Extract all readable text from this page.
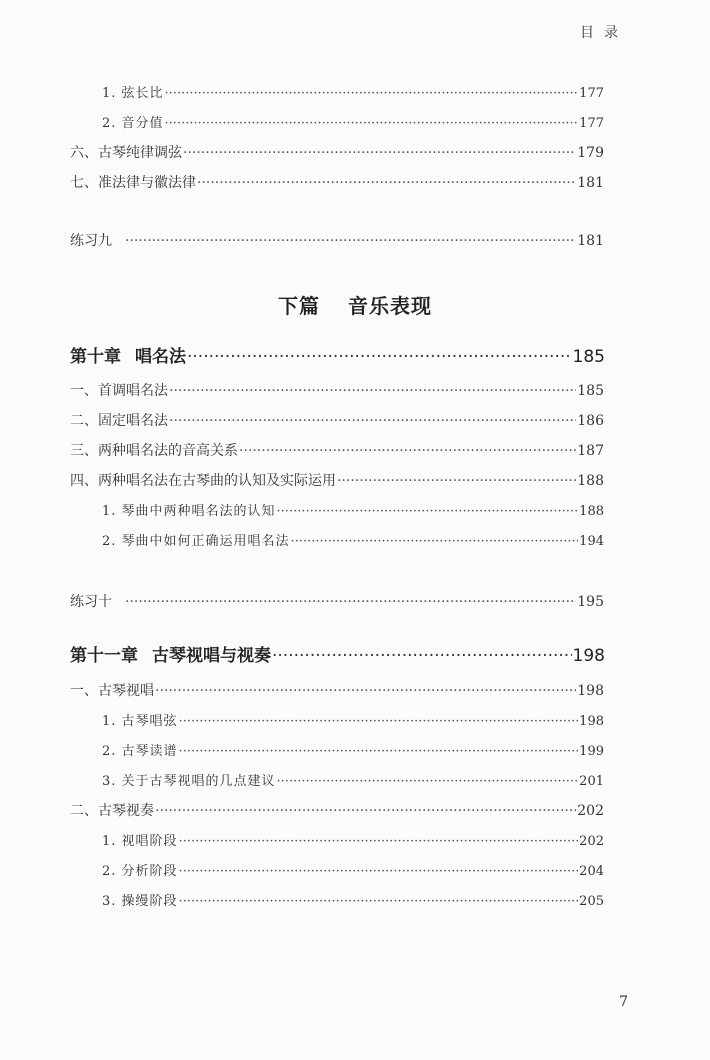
目录
1. 弦长比 ·····	177
2. 音分值 ·····	177
六、古琴纯律调弦 ·····	179
七、准法律与徽法律 ·····	181
练习九 ·····	181
下篇 音乐表现
第十章 唱名法 ·····	185
一、首调唱名法 ·····	185
二、固定唱名法 ·····	186
三、两种唱名法的音高关系 ·····	187
四、两种唱名法在古琴曲的认知及实际运用 ·····	188
1. 琴曲中两种唱名法的认知 ·····	188
2. 琴曲中如何正确运用唱名法 ·····	194
练习十 ·····	195
第十一章 古琴视唱与视奏 ·····	198
一、古琴视唱 ·····	198
1. 古琴唱弦 ·····	198
2. 古琴读谱 ·····	199
3. 关于古琴视唱的几点建议 ·····	201
二、古琴视奏 ·····	202
1. 视唱阶段 ·····	202
2. 分析阶段 ·····	204
3. 操缦阶段 ·····	205
7
